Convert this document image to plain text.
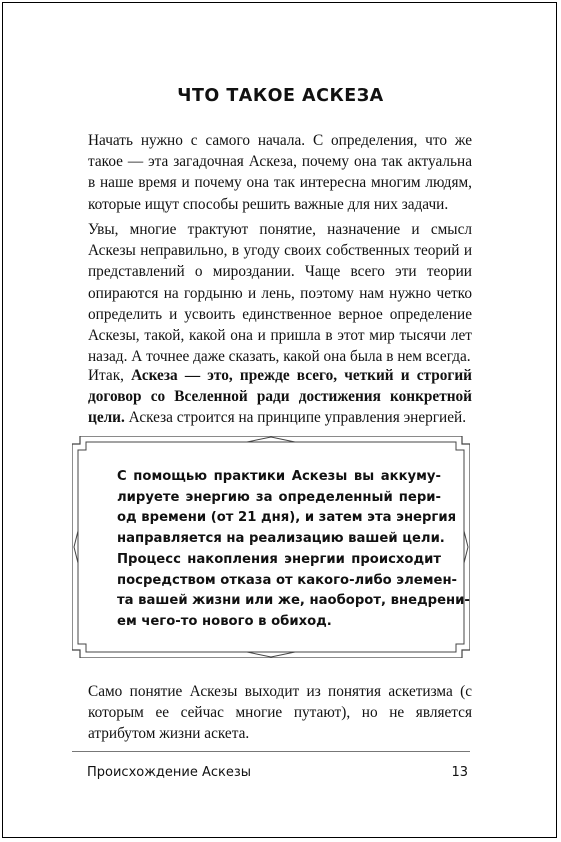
ЧТО ТАКОЕ АСКЕЗА

Начать нужно с самого начала. С определения, что же такое — эта загадочная Аскеза, почему она так актуальна в наше время и почему она так интересна многим людям, которые ищут способы решить важные для них задачи.

Увы, многие трактуют понятие, назначение и смысл Аскезы неправильно, в угоду своих собственных теорий и представлений о мироздании. Чаще всего эти теории опираются на гордыню и лень, поэтому нам нужно четко определить и усвоить единственное верное определение Аскезы, такой, какой она и пришла в этот мир тысячи лет назад. А точнее даже сказать, какой она была в нем всегда.

Итак, Аскеза — это, прежде всего, четкий и строгий договор со Вселенной ради достижения конкретной цели. Аскеза строится на принципе управления энергией.

С помощью практики Аскезы вы аккуму-
лируете энергию за определенный пери-
од времени (от 21 дня), и затем эта энергия
направляется на реализацию вашей цели.
Процесс накопления энергии происходит
посредством отказа от какого-либо элемен-
та вашей жизни или же, наоборот, внедрени-
ем чего-то нового в обиход.

Само понятие Аскезы выходит из понятия аскетизма (с которым ее сейчас многие путают), но не является атрибутом жизни аскета.

Происхождение Аскезы	13
